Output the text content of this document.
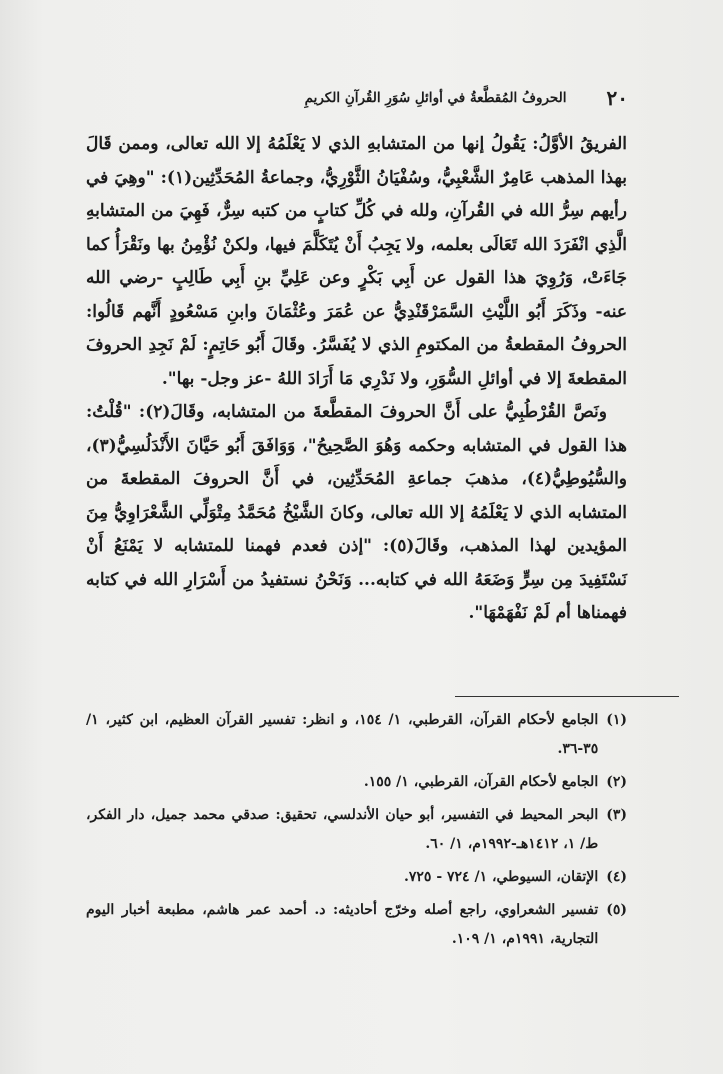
٢٠
الحروفُ المُقطَّعةُ في أوائلِ سُوَرِ القُرآنِ الكريمِ

الفريقُ الأوَّلُ: يَقُولُ إنها من المتشابهِ الذي لا يَعْلَمُهُ إلا الله تعالى، وممن قَالَ بهذا المذهب عَامِرٌ الشَّعْبِيُّ، وسُفْيَانُ الثَّوْرِيُّ، وجماعةُ المُحَدِّثِين(١): "وهِيَ في رأيهم سِرُّ الله في القُرآنِ، ولله في كُلِّ كتابٍ من كتبه سِرٌّ، فَهِيَ من المتشابهِ الَّذِي انْفَرَدَ الله تَعَالَى بعلمه، ولا يَجِبُ أَنْ يُتَكَلَّمَ فيها، ولكنْ نُؤْمِنُ بها ونَقْرَأُ كما جَاءَتْ، وَرُوِيَ هذا القول عن أَبِي بَكْرٍ وعن عَلِيِّ بنِ أَبِي طَالِبٍ -رضي الله عنه- وذَكَرَ أَبُو اللَّيْثِ السَّمَرْقَنْدِيُّ عن عُمَرَ وعُثْمَانَ وابنِ مَسْعُودٍ أَنَّهم قَالُوا: الحروفُ المقطعةُ من المكتومِ الذي لا يُفَسَّرُ. وقَالَ أَبُو حَاتِمٍ: لَمْ نَجِدِ الحروفَ المقطعةَ إلا في أوائلِ السُّوَرِ، ولا نَدْرِي مَا أَرَادَ اللهُ -عز وجل- بها".

ونَصَّ القُرْطُبِيُّ على أَنَّ الحروفَ المقطَّعةَ من المتشابه، وقَالَ(٢): "قُلْتُ: هذا القول في المتشابه وحكمه وَهُوَ الصَّحِيحُ"، وَوَافَقَ أَبُو حَيَّانَ الأَنْدَلُسِيُّ(٣)، والسُّيُوطِيُّ(٤)، مذهبَ جماعةِ المُحَدِّثِين، في أَنَّ الحروفَ المقطعةَ من المتشابه الذي لا يَعْلَمُهُ إلا الله تعالى، وكانَ الشَّيْخُ مُحَمَّدُ مِتْوَلِّي الشَّعْرَاوِيُّ مِنَ المؤيدين لهذا المذهب، وقَالَ(٥): "إذن فعدم فهمنا للمتشابه لا يَمْنَعُ أَنْ نَسْتَفِيدَ مِن سِرٍّ وَضَعَهُ الله في كتابه... وَنَحْنُ نستفيدُ من أَسْرَارِ الله في كتابه فهمناها أم لَمْ نَفْهَمْهَا".

(١)
الجامع لأحكام القرآن، القرطبي، ١/ ١٥٤، و انظر: تفسير القرآن العظيم، ابن كثير، ١/ ٣٥-٣٦.
(٢)
الجامع لأحكام القرآن، القرطبي، ١/ ١٥٥.
(٣)
البحر المحيط في التفسير، أبو حيان الأندلسي، تحقيق: صدقي محمد جميل، دار الفكر، ط/ ١، ١٤١٢هـ-١٩٩٢م، ١/ ٦٠.
(٤)
الإتقان، السيوطي، ١/ ٧٢٤ - ٧٢٥.
(٥)
تفسير الشعراوي، راجع أصله وخرّج أحاديثه: د. أحمد عمر هاشم، مطبعة أخبار اليوم التجارية، ١٩٩١م، ١/ ١٠٩.
